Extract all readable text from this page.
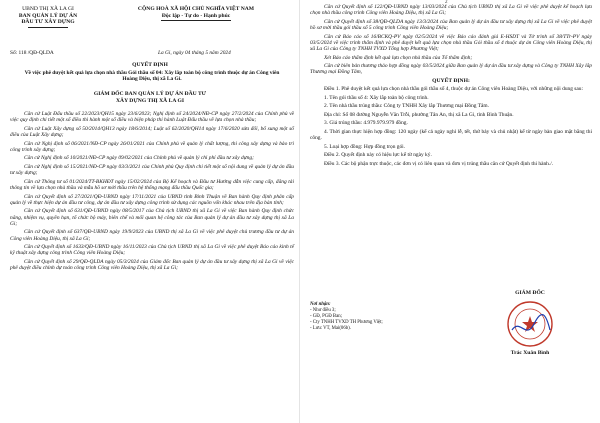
UBND THỊ XÃ LA GI
BAN QUẢN LÝ DỰ ÁN
ĐẦU TƯ XÂY DỰNG
CỘNG HOÀ XÃ HỘI CHỦ NGHĨA VIỆT NAM
Độc lập - Tự do - Hạnh phúc
Số: 118 /QĐ-QLDA	La Gi, ngày 04 tháng 5 năm 2024
QUYẾT ĐỊNH
Về việc phê duyệt kết quả lựa chọn nhà thầu Gói thầu số 04: Xây lắp toàn bộ công trình thuộc dự án Công viên Hoàng Diệu, thị xã La Gi.
GIÁM ĐỐC BAN QUẢN LÝ DỰ ÁN ĐẦU TƯ
XÂY DỰNG THỊ XÃ LA GI

Căn cứ Luật Đấu thầu số 22/2023/QH15 ngày 23/6/2023; Nghị định số 24/2024/NĐ-CP ngày 27/2/2024 của Chính phủ về việc quy định chi tiết một số điều thi hành một số điều và biện pháp thi hành Luật Đấu thầu về lựa chọn nhà thầu;

Căn cứ Luật Xây dựng số 50/2014/QH13 ngày 18/6/2014; Luật số 62/2020/QH14 ngày 17/6/2020 sửa đổi, bổ sung một số điều của Luật Xây dựng;

Căn cứ Nghị định số 06/2021/NĐ-CP ngày 26/01/2021 của Chính phủ về quản lý chất lượng, thi công xây dựng và bảo trì công trình xây dựng;

Căn cứ Nghị định số 10/2021/NĐ-CP ngày 09/02/2021 của Chính phủ về quản lý chi phí đầu tư xây dựng;

Căn cứ Nghị định số 15/2021/NĐ-CP ngày 03/3/2021 của Chính phủ Quy định chi tiết một số nội dung về quản lý dự án đầu tư xây dựng;

Căn cứ Thông tư số 01/2024/TT-BKHĐT ngày 15/02/2024 của Bộ Kế hoạch và Đầu tư Hướng dẫn việc cung cấp, đăng tải thông tin về lựa chọn nhà thầu và mẫu hồ sơ mời thầu trên hệ thống mạng đấu thầu Quốc gia;

Căn cứ Quyết định số 27/2021/QĐ-UBND ngày 17/11/2021 của UBND tỉnh Bình Thuận về Ban hành Quy định phân cấp quản lý về thực hiện dự án đầu tư công, dự án đầu tư xây dựng công trình sử dụng các nguồn vốn khác nhau trên địa bàn tỉnh;

Căn cứ Quyết định số 631/QĐ-UBND ngày 08/5/2017 của Chủ tịch UBND thị xã La Gi về việc Ban hành Quy định chức năng, nhiệm vụ, quyền hạn, tổ chức bộ máy, biên chế và mối quan hệ công tác của Ban quản lý dự án đầu tư xây dựng thị xã La Gi;

Căn cứ Quyết định số 637/QĐ-UBND ngày 19/9/2023 của UBND thị xã La Gi về việc phê duyệt chủ trương đầu tư dự án Công viên Hoàng Diệu, thị xã La Gi;

Căn cứ Quyết định số 1633/QĐ-UBND ngày 16/11/2023 của Chủ tịch UBND thị xã La Gi về việc phê duyệt Báo cáo kinh tế kỹ thuật xây dựng công trình Công viên Hoàng Diệu;

Căn cứ Quyết định số 29/QĐ-QLDA ngày 05/3/2024 của Giám đốc Ban quản lý dự án đầu tư xây dựng thị xã La Gi về việc phê duyệt điều chỉnh dự toán công trình Công viên Hoàng Diệu, thị xã La Gi;

2

Căn cứ Quyết định số 122/QĐ-UBND ngày 13/03/2024 của Chủ tịch UBND thị xã La Gi về việc phê duyệt kế hoạch lựa chọn nhà thầu công trình Công viên Hoàng Diệu, thị xã La Gi;

Căn cứ Quyết định số 38/QĐ-QLDA ngày 13/3/2024 của Ban quản lý dự án đầu tư xây dựng thị xã La Gi về việc phê duyệt hồ sơ mời thầu gói thầu số 5 công trình Công viên Hoàng Diệu;

Căn cứ Báo cáo số 16/BCKQ-PV ngày 02/5/2024 về việc Báo cáo đánh giá E-HSDT và Tờ trình số 38/TTr-PV ngày 03/5/2024 về việc trình thẩm định và phê duyệt kết quả lựa chọn nhà thầu Gói thầu số 4 thuộc dự án Công viên Hoàng Diệu, thị xã La Gi của Công ty TNHH TVXD Tổng hợp Phương Việt;

Xét Báo cáo thẩm định kết quả lựa chọn nhà thầu của Tổ thẩm định;

Căn cứ biên bản thương thảo hợp đồng ngày 03/5/2024 giữa Ban quản lý dự án đầu tư xây dựng và Công ty TNHH Xây lắp Thương mại Đồng Tâm,

QUYẾT ĐỊNH:

Điều 1. Phê duyệt kết quả lựa chọn nhà thầu gói thầu số 4, thuộc dự án Công viên Hoàng Diệu, với những nội dung sau:

1. Tên gói thầu số 4: Xây lắp toàn bộ công trình.

2. Tên nhà thầu trúng thầu: Công ty TNHH Xây lắp Thương mại Đồng Tâm.

Địa chỉ: Số 08 đường Nguyễn Văn Trỗi, phường Tân An, thị xã La Gi, tỉnh Bình Thuận.

3. Giá trúng thầu: 4.979.979.979 đồng.

4. Thời gian thực hiện hợp đồng: 120 ngày (kể cả ngày nghỉ lễ, tết, thứ bảy và chủ nhật) kể từ ngày bàn giao mặt bằng thi công.

5. Loại hợp đồng: Hợp đồng trọn gói.

Điều 2. Quyết định này có hiệu lực kể từ ngày ký.

Điều 3. Các bộ phận trực thuộc, các đơn vị có liên quan và đơn vị trúng thầu căn cứ Quyết định thi hành./.

Nơi nhận:
- Như điều 3;
- GĐ, PGĐ Ban;
- Cty TNHH TVXD TH Phương Việt;
- Lưu: VT, Mai(06b).
GIÁM ĐỐC
Trác Xuân Bình
